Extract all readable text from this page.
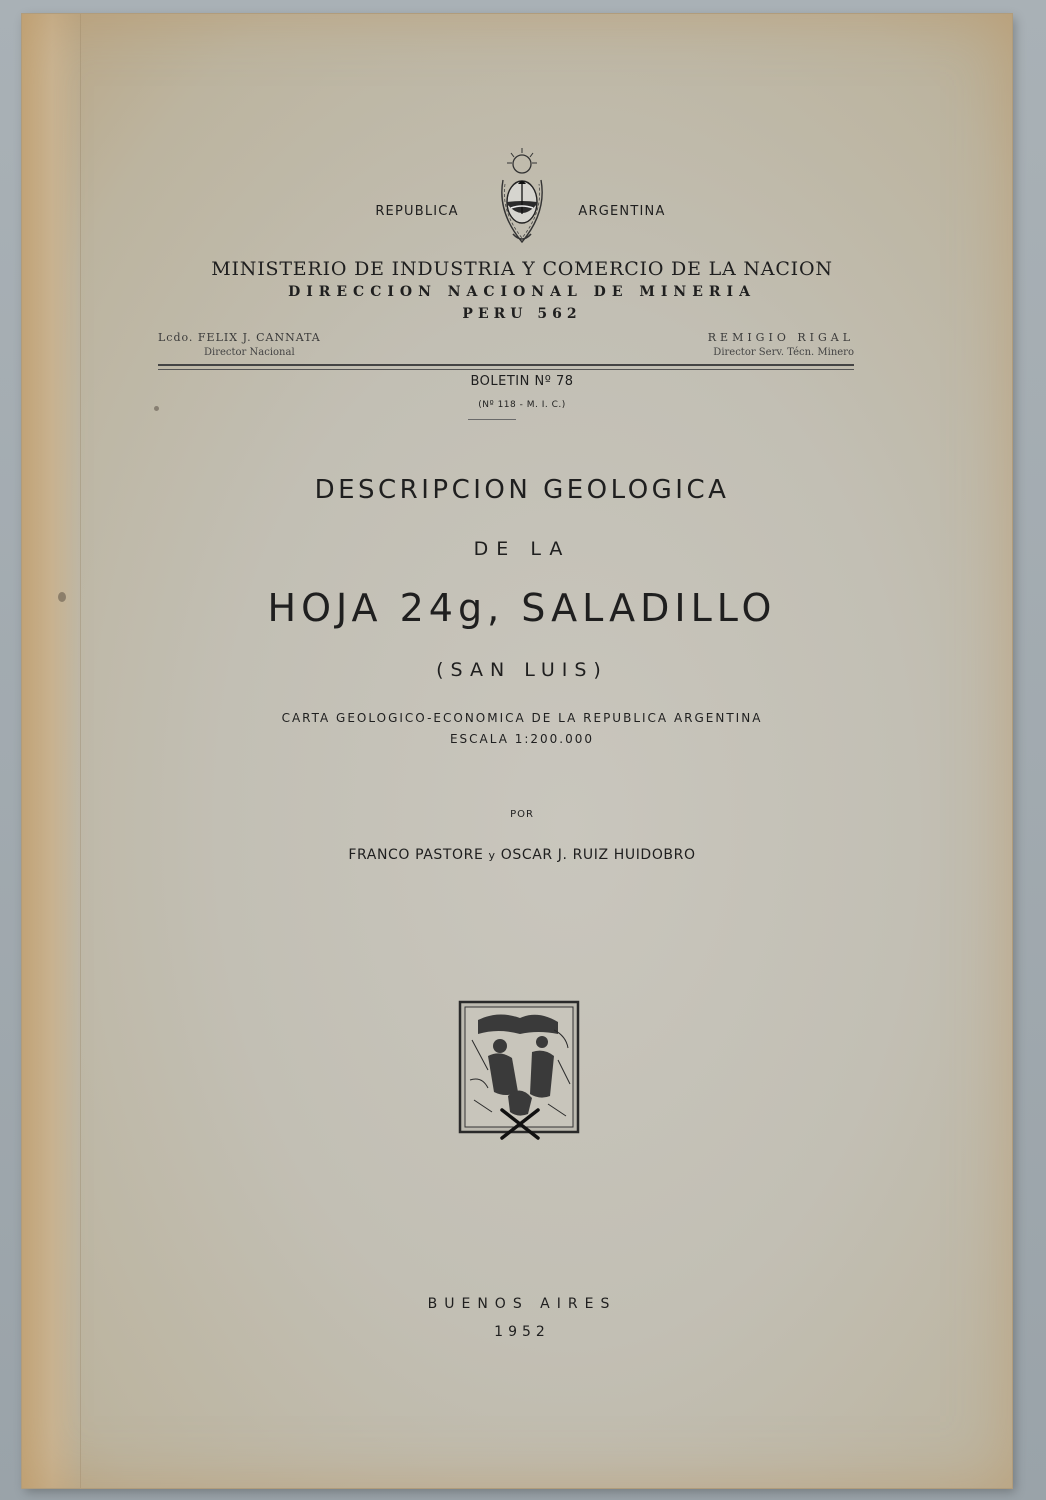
REPUBLICA	ARGENTINA
MINISTERIO DE INDUSTRIA Y COMERCIO DE LA NACION
DIRECCION NACIONAL DE MINERIA
PERU 562
Lcdo. FELIX J. CANNATA
Director Nacional
REMIGIO RIGAL
Director Serv. Técn. Minero
BOLETIN Nº 78
(Nº 118 - M. I. C.)
DESCRIPCION GEOLOGICA
DE LA
HOJA 24g, SALADILLO
(SAN LUIS)
CARTA GEOLOGICO-ECONOMICA DE LA REPUBLICA ARGENTINA
ESCALA 1:200.000
POR
FRANCO PASTORE y OSCAR J. RUIZ HUIDOBRO
BUENOS AIRES
1952
